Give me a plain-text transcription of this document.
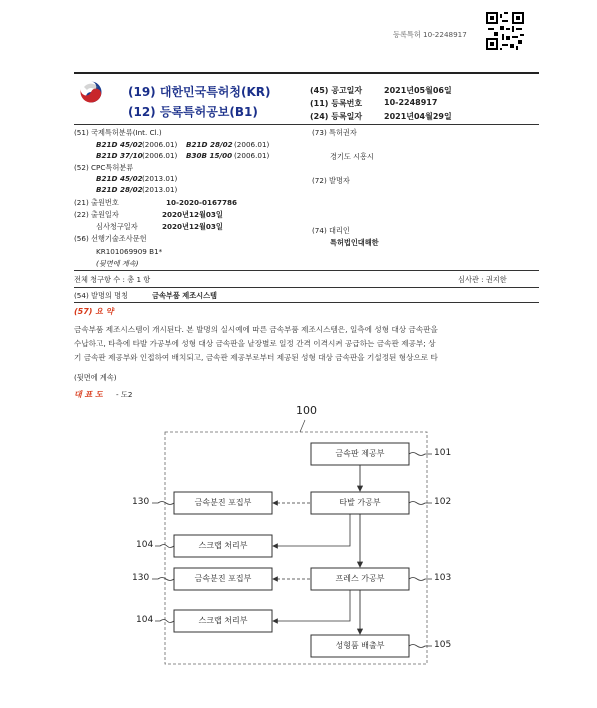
등록특허 10-2248917
(19) 대한민국특허청(KR)
(12) 등록특허공보(B1)
(45) 공고일자	2021년05월06일
(11) 등록번호	10-2248917
(24) 등록일자	2021년04월29일
(51) 국제특허분류(Int. Cl.)
B21D 45/02 (2006.01) B21D 28/02 (2006.01)
B21D 37/10 (2006.01) B30B 15/00 (2006.01)
(52) CPC특허분류
B21D 45/02 (2013.01)
B21D 28/02 (2013.01)
(21) 출원번호	10-2020-0167786
(22) 출원일자	2020년12월03일
심사청구일자	2020년12월03일
(56) 선행기술조사문헌
KR101069909 B1*
(뒷면에 계속)
(73) 특허권자
경기도 시흥시
(72) 발명자
(74) 대리인
특허법인대해한
전체 청구항 수 : 총 1 항	심사관 : 권지한
(54) 발명의 명칭	금속부품 제조시스템
(57) 요 약
금속부품 제조시스템이 개시된다. 본 발명의 실시예에 따른 금속부품 제조시스템은, 일측에 성형 대상 금속판을
수납하고, 타측에 타발 가공부에 성형 대상 금속판을 낱장별로 일정 간격 이격시켜 공급하는 금속판 제공부; 상
기 금속판 제공부와 인접하여 배치되고, 금속판 제공부로부터 제공된 성형 대상 금속판을 기설정된 형상으로 타
(뒷면에 계속)
대 표 도 - 도2
100
금속판 제공부
타발 가공부
프레스 가공부
성형품 배출부
금속분진 포집부
스크랩 처리부
금속분진 포집부
스크랩 처리부
101
102
103
105
130
104
130
104
